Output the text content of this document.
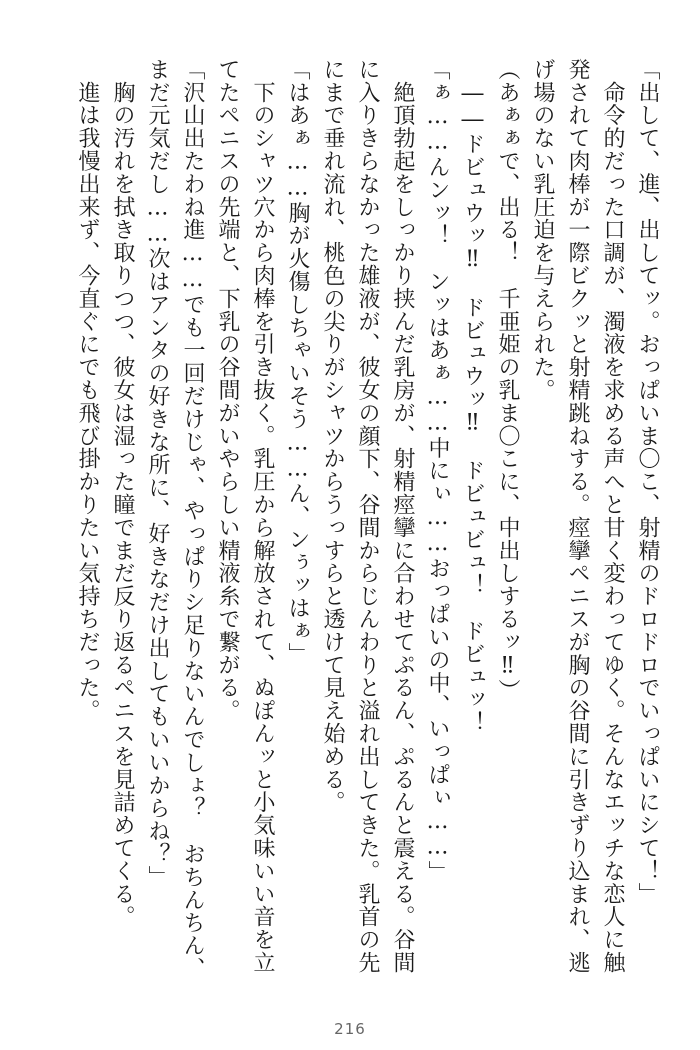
「出して、進、出してッ。おっぱいま〇こ、射精のドロドロでいっぱいにシて！」
　命令的だった口調が、濁液を求める声へと甘く変わってゆく。そんなエッチな恋人に触
発されて肉棒が一際ビクッと射精跳ねする。痙攣ペニスが胸の谷間に引きずり込まれ、逃
げ場のない乳圧迫を与えられた。
（あぁぁで、出る！　千亜姫の乳ま〇こに、中出しするッ‼）
　――ドビュウッ‼　ドビュウッ‼　ドビュビュ！　ドビュッ！
「ぁ……んンッ！　ンッはあぁ……中にぃ……おっぱいの中、いっぱぃ……」
　絶頂勃起をしっかり挟んだ乳房が、射精痙攣に合わせてぷるん、ぷるんと震える。谷間
に入りきらなかった雄液が、彼女の顔下、谷間からじんわりと溢れ出してきた。乳首の先
にまで垂れ流れ、桃色の尖りがシャツからうっすらと透けて見え始める。
「はあぁ……胸が火傷しちゃいそう……ん、ンぅッはぁ」
　下のシャツ穴から肉棒を引き抜く。乳圧から解放されて、ぬぽんッと小気味いい音を立
てたペニスの先端と、下乳の谷間がいやらしい精液糸で繋がる。
「沢山出たわね進……でも一回だけじゃ、やっぱりシ足りないんでしょ？　おちんちん、
まだ元気だし……次はアンタの好きな所に、好きなだけ出してもいいからね？」
　胸の汚れを拭き取りつつ、彼女は湿った瞳でまだ反り返るペニスを見詰めてくる。
　進は我慢出来ず、今直ぐにでも飛び掛かりたい気持ちだった。
216
